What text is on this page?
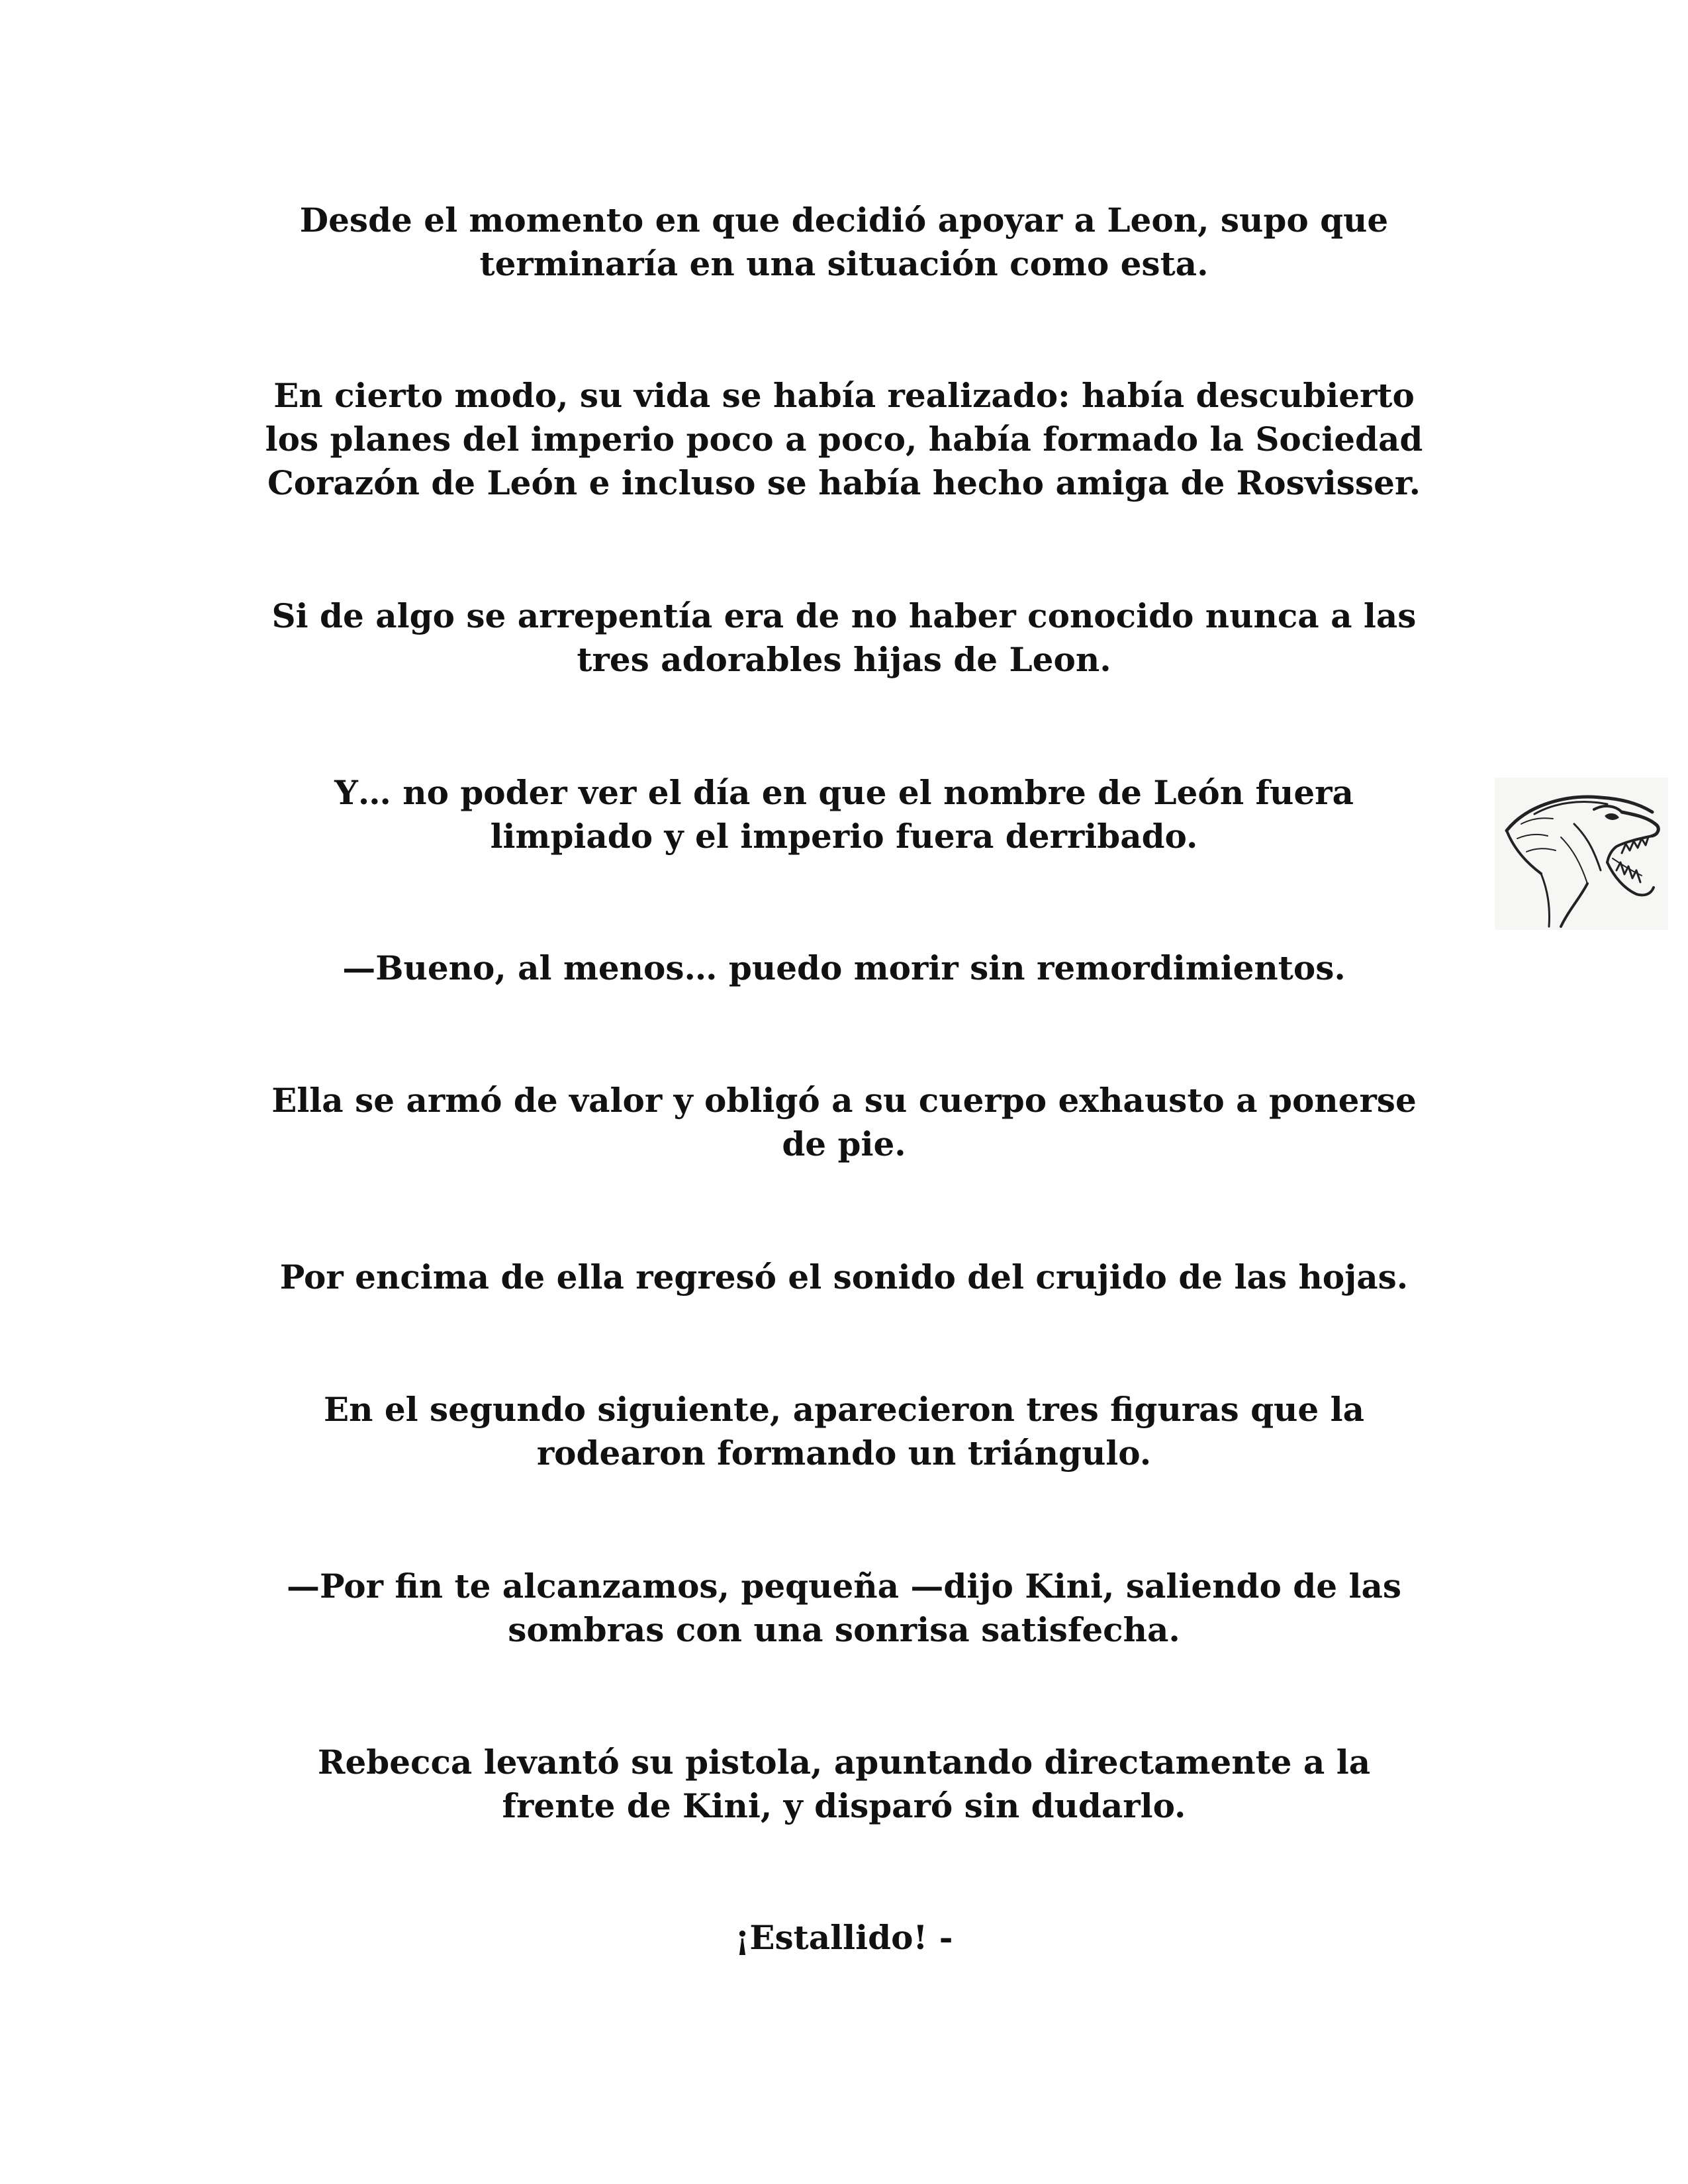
Desde el momento en que decidió apoyar a Leon, supo que
terminaría en una situación como esta.

En cierto modo, su vida se había realizado: había descubierto
los planes del imperio poco a poco, había formado la Sociedad
Corazón de León e incluso se había hecho amiga de Rosvisser.

Si de algo se arrepentía era de no haber conocido nunca a las
tres adorables hijas de Leon.

Y… no poder ver el día en que el nombre de León fuera
limpiado y el imperio fuera derribado.

—Bueno, al menos… puedo morir sin remordimientos.

Ella se armó de valor y obligó a su cuerpo exhausto a ponerse
de pie.

Por encima de ella regresó el sonido del crujido de las hojas.

En el segundo siguiente, aparecieron tres figuras que la
rodearon formando un triángulo.

—Por fin te alcanzamos, pequeña —dijo Kini, saliendo de las
sombras con una sonrisa satisfecha.

Rebecca levantó su pistola, apuntando directamente a la
frente de Kini, y disparó sin dudarlo.

¡Estallido! -
